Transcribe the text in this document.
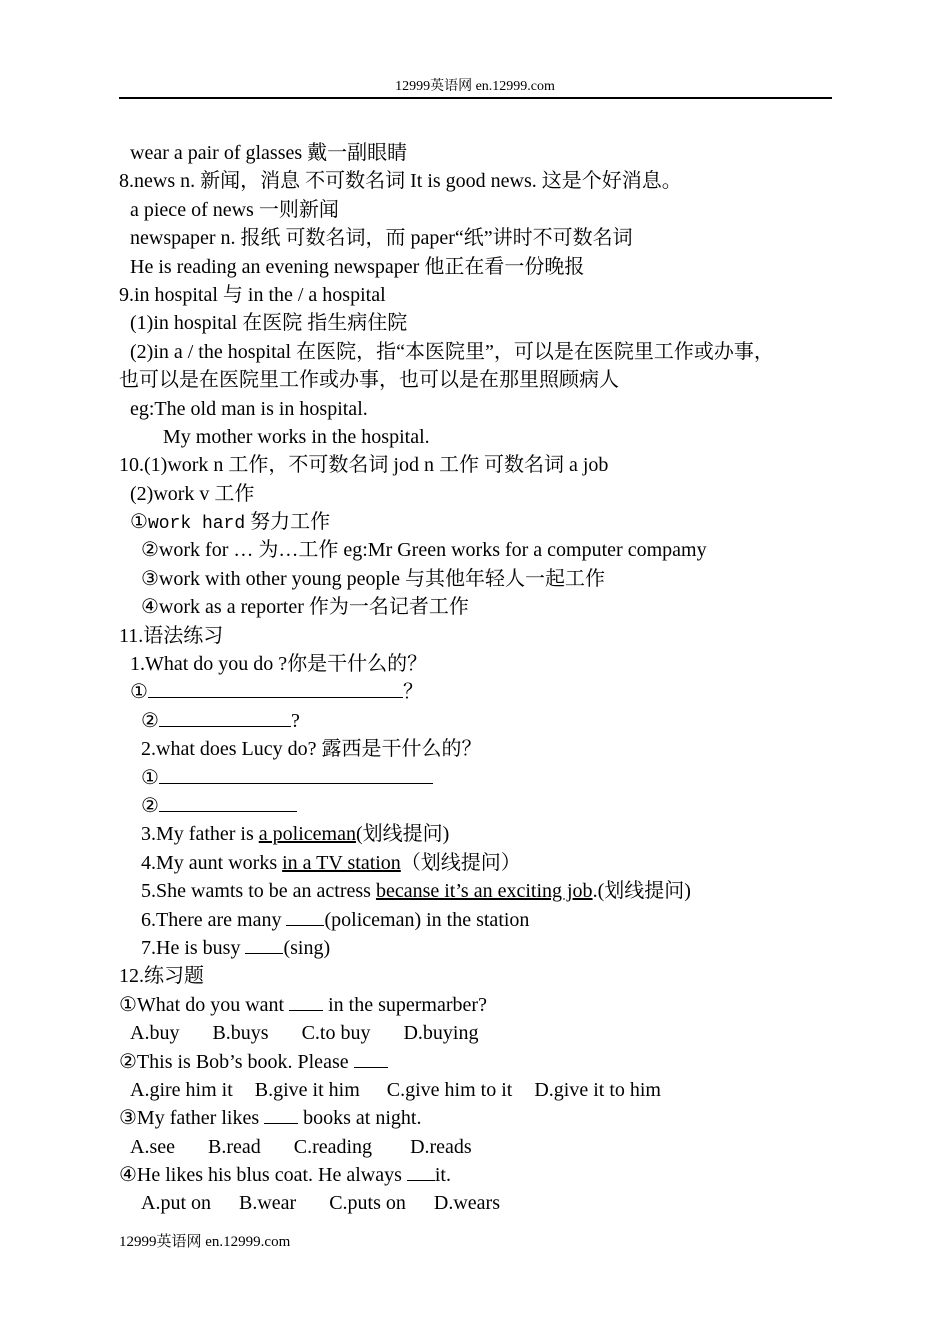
12999英语网 en.12999.com
wear a pair of glasses 戴一副眼睛
8.news n. 新闻，消息 不可数名词 It is good news. 这是个好消息。
a piece of news 一则新闻
newspaper n. 报纸 可数名词，而 paper“纸”讲时不可数名词
He is reading an evening newspaper 他正在看一份晚报
9.in hospital 与 in the / a hospital
(1)in hospital 在医院 指生病住院
(2)in a / the hospital 在医院，指“本医院里”，可以是在医院里工作或办事，
也可以是在医院里工作或办事，也可以是在那里照顾病人
eg:The old man is in hospital.
My mother works in the hospital.
10.(1)work n 工作，不可数名词 jod n 工作 可数名词 a job
(2)work v 工作
①work hard 努力工作
②work for … 为…工作 eg:Mr Green works for a computer compamy
③work with other young people 与其他年轻人一起工作
④work as a reporter 作为一名记者工作
11.语法练习
1.What do you do ?你是干什么的？
①	？
②	?
2.what does Lucy do? 露西是干什么的？
①
②
3.My father is a policeman(划线提问)
4.My aunt works in a TV station（划线提问）
5.She wamts to be an actress becanse it’s an exciting job.(划线提问)
6.There are many (policeman) in the station
7.He is busy (sing)
12.练习题
①What do you want  in the supermarber?
A.buy B.buys C.to buy D.buying
②This is Bob’s book. Please
A.gire him it B.give it him C.give him to it D.give it to him
③My father likes  books at night.
A.see B.read C.reading D.reads
④He likes his blus coat. He always it.
A.put on B.wear C.puts on D.wears
12999英语网 en.12999.com
